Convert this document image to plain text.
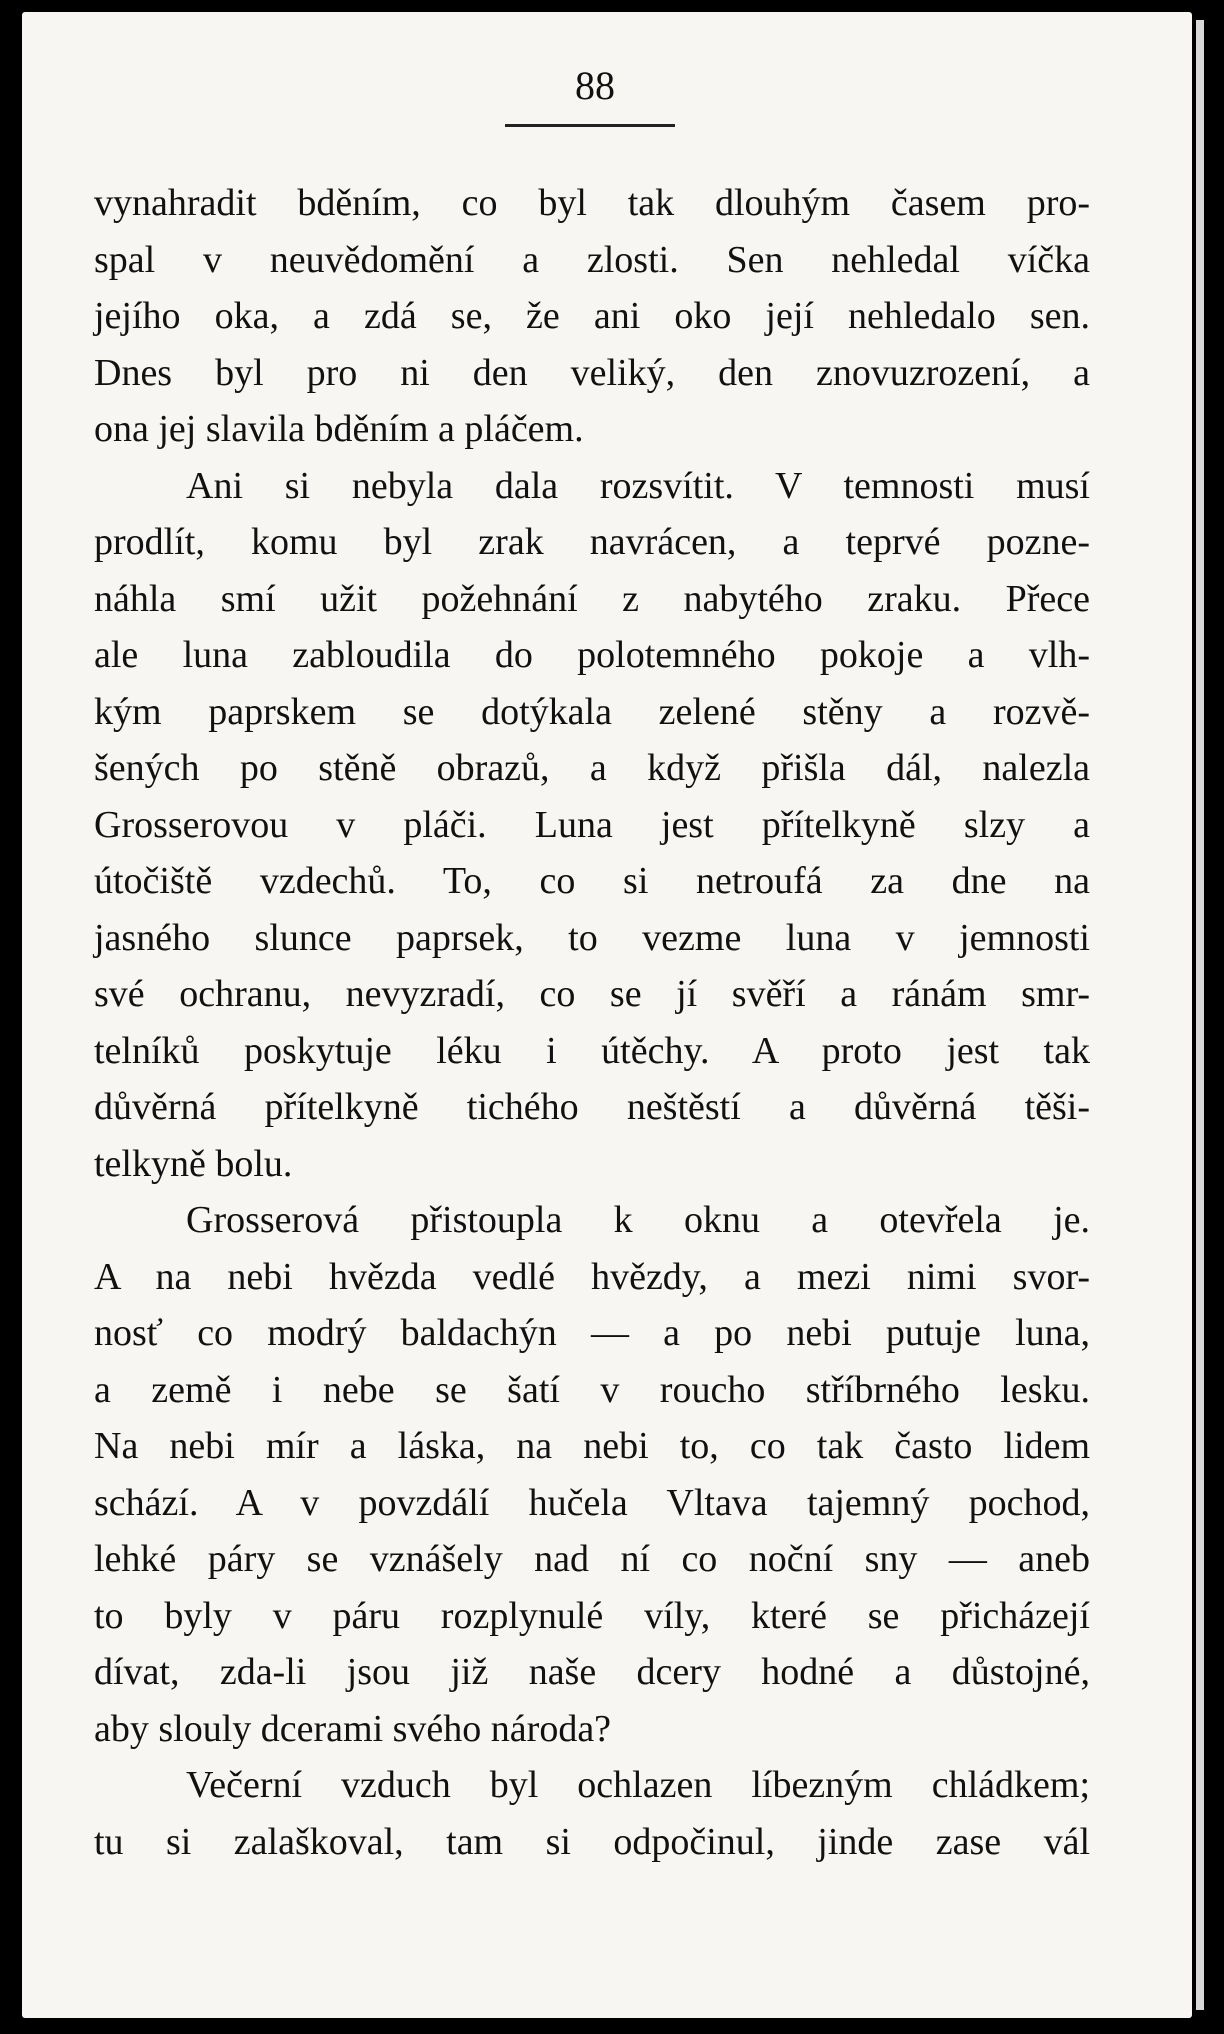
88

vynahradit bděním, co byl tak dlouhým časem pro-
spal v neuvědomění a zlosti. Sen nehledal víčka
jejího oka, a zdá se, že ani oko její nehledalo sen.
Dnes byl pro ni den veliký, den znovuzrození, a
ona jej slavila bděním a pláčem.
Ani si nebyla dala rozsvítit. V temnosti musí
prodlít, komu byl zrak navrácen, a teprvé pozne-
náhla smí užit požehnání z nabytého zraku. Přece
ale luna zabloudila do polotemného pokoje a vlh-
kým paprskem se dotýkala zelené stěny a rozvě-
šených po stěně obrazů, a když přišla dál, nalezla
Grosserovou v pláči. Luna jest přítelkyně slzy a
útočiště vzdechů. To, co si netroufá za dne na
jasného slunce paprsek, to vezme luna v jemnosti
své ochranu, nevyzradí, co se jí svěří a ránám smr-
telníků poskytuje léku i útěchy. A proto jest tak
důvěrná přítelkyně tichého neštěstí a důvěrná těši-
telkyně bolu.
Grosserová přistoupla k oknu a otevřela je.
A na nebi hvězda vedlé hvězdy, a mezi nimi svor-
nosť co modrý baldachýn — a po nebi putuje luna,
a země i nebe se šatí v roucho stříbrného lesku.
Na nebi mír a láska, na nebi to, co tak často lidem
schází. A v povzdálí hučela Vltava tajemný pochod,
lehké páry se vznášely nad ní co noční sny — aneb
to byly v páru rozplynulé víly, které se přicházejí
dívat, zda-li jsou již naše dcery hodné a důstojné,
aby slouly dcerami svého národa?
Večerní vzduch byl ochlazen líbezným chládkem;
tu si zalaškoval, tam si odpočinul, jinde zase vál
